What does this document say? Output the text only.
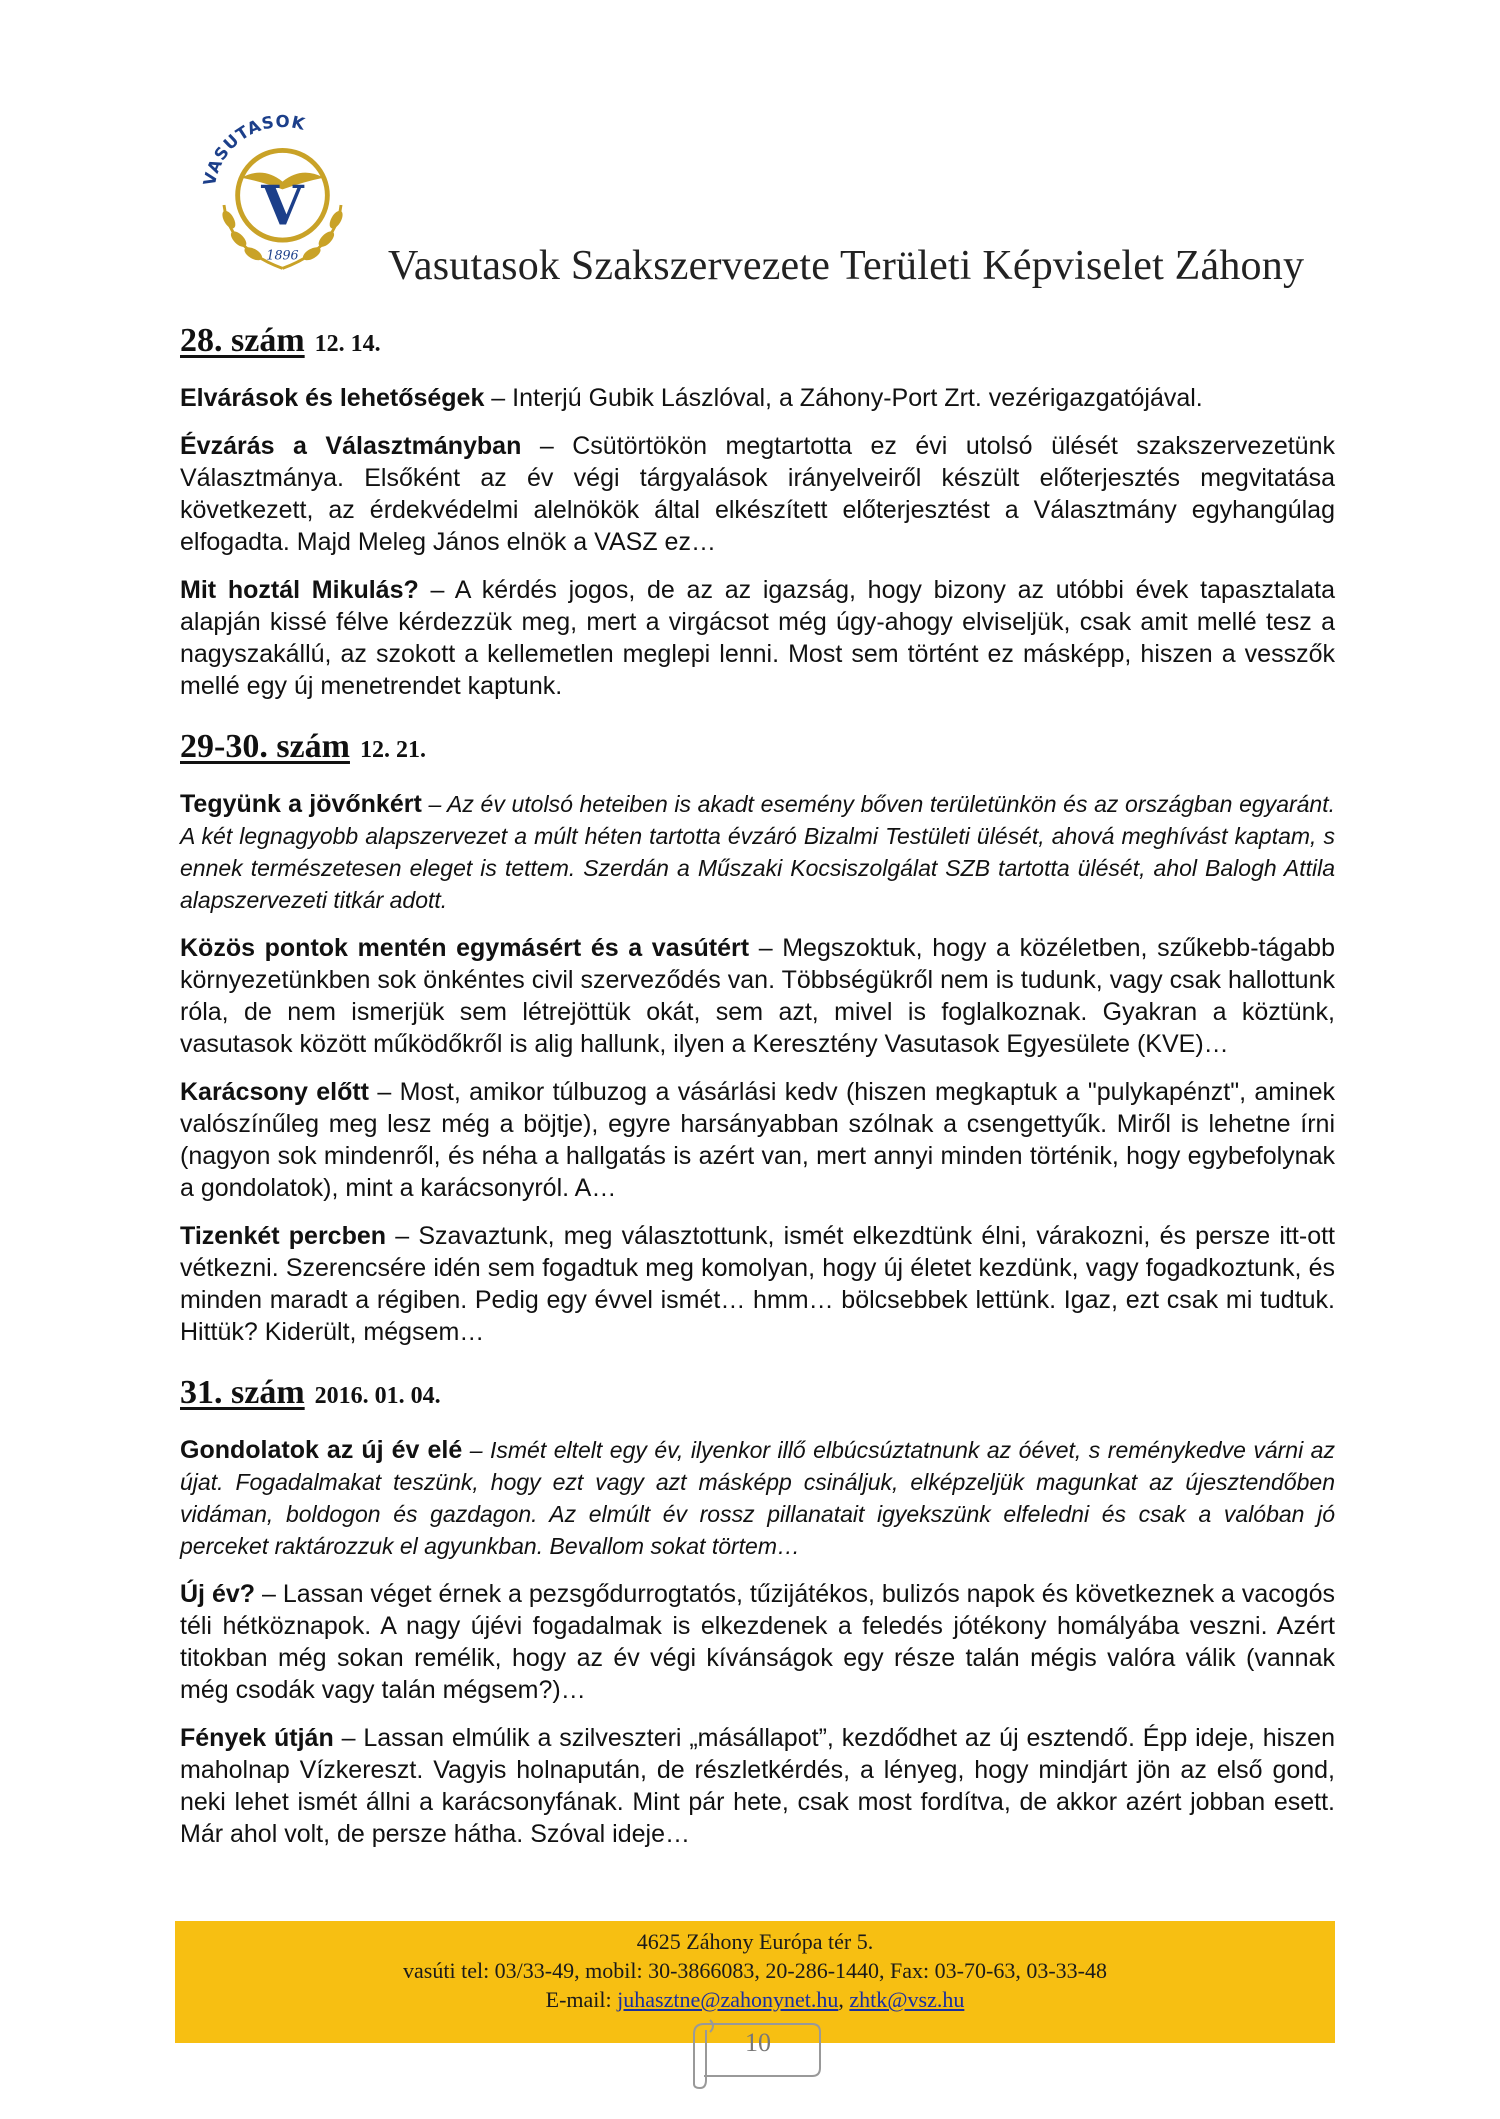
VASUTASOK
V
1896 Vasutasok Szakszervezete Területi Képviselet Záhony
28. szám 12. 14.

Elvárások és lehetőségek – Interjú Gubik Lászlóval, a Záhony-Port Zrt. vezérigazgatójával.

Évzárás a Választmányban – Csütörtökön megtartotta ez évi utolsó ülését szakszervezetünk Választmánya. Elsőként az év végi tárgyalások irányelveiről készült előterjesztés megvitatása következett, az érdekvédelmi alelnökök által elkészített előterjesztést a Választmány egyhangúlag elfogadta. Majd Meleg János elnök a VASZ ez…

Mit hoztál Mikulás? – A kérdés jogos, de az az igazság, hogy bizony az utóbbi évek tapasztalata alapján kissé félve kérdezzük meg, mert a virgácsot még úgy-ahogy elviseljük, csak amit mellé tesz a nagyszakállú, az szokott a kellemetlen meglepi lenni. Most sem történt ez másképp, hiszen a vesszők mellé egy új menetrendet kaptunk.

29-30. szám 12. 21.

Tegyünk a jövőnkért – Az év utolsó heteiben is akadt esemény bőven területünkön és az országban egyaránt. A két legnagyobb alapszervezet a múlt héten tartotta évzáró Bizalmi Testületi ülését, ahová meghívást kaptam, s ennek természetesen eleget is tettem. Szerdán a Műszaki Kocsiszolgálat SZB tartotta ülését, ahol Balogh Attila alapszervezeti titkár adott.

Közös pontok mentén egymásért és a vasútért – Megszoktuk, hogy a közéletben, szűkebb-tágabb környezetünkben sok önkéntes civil szerveződés van. Többségükről nem is tudunk, vagy csak hallottunk róla, de nem ismerjük sem létrejöttük okát, sem azt, mivel is foglalkoznak. Gyakran a köztünk, vasutasok között működőkről is alig hallunk, ilyen a Keresztény Vasutasok Egyesülete (KVE)…

Karácsony előtt – Most, amikor túlbuzog a vásárlási kedv (hiszen megkaptuk a "pulykapénzt", aminek valószínűleg meg lesz még a böjtje), egyre harsányabban szólnak a csengettyűk. Miről is lehetne írni (nagyon sok mindenről, és néha a hallgatás is azért van, mert annyi minden történik, hogy egybefolynak a gondolatok), mint a karácsonyról. A…

Tizenkét percben – Szavaztunk, meg választottunk, ismét elkezdtünk élni, várakozni, és persze itt-ott vétkezni. Szerencsére idén sem fogadtuk meg komolyan, hogy új életet kezdünk, vagy fogadkoztunk, és minden maradt a régiben. Pedig egy évvel ismét… hmm… bölcsebbek lettünk. Igaz, ezt csak mi tudtuk. Hittük? Kiderült, mégsem…

31. szám 2016. 01. 04.

Gondolatok az új év elé – Ismét eltelt egy év, ilyenkor illő elbúcsúztatnunk az óévet, s reménykedve várni az újat. Fogadalmakat teszünk, hogy ezt vagy azt másképp csináljuk, elképzeljük magunkat az újesztendőben vidáman, boldogon és gazdagon. Az elmúlt év rossz pillanatait igyekszünk elfeledni és csak a valóban jó perceket raktározzuk el agyunkban. Bevallom sokat törtem…

Új év? – Lassan véget érnek a pezsgődurrogtatós, tűzijátékos, bulizós napok és következnek a vacogós téli hétköznapok. A nagy újévi fogadalmak is elkezdenek a feledés jótékony homályába veszni. Azért titokban még sokan remélik, hogy az év végi kívánságok egy része talán mégis valóra válik (vannak még csodák vagy talán mégsem?)…

Fények útján – Lassan elmúlik a szilveszteri „másállapot”, kezdődhet az új esztendő. Épp ideje, hiszen maholnap Vízkereszt. Vagyis holnapután, de részletkérdés, a lényeg, hogy mindjárt jön az első gond, neki lehet ismét állni a karácsonyfának. Mint pár hete, csak most fordítva, de akkor azért jobban esett. Már ahol volt, de persze hátha. Szóval ideje…

4625 Záhony Európa tér 5.
vasúti tel: 03/33-49, mobil: 30-3866083, 20-286-1440, Fax: 03-70-63, 03-33-48
E-mail: juhasztne@zahonynet.hu, zhtk@vsz.hu
10
